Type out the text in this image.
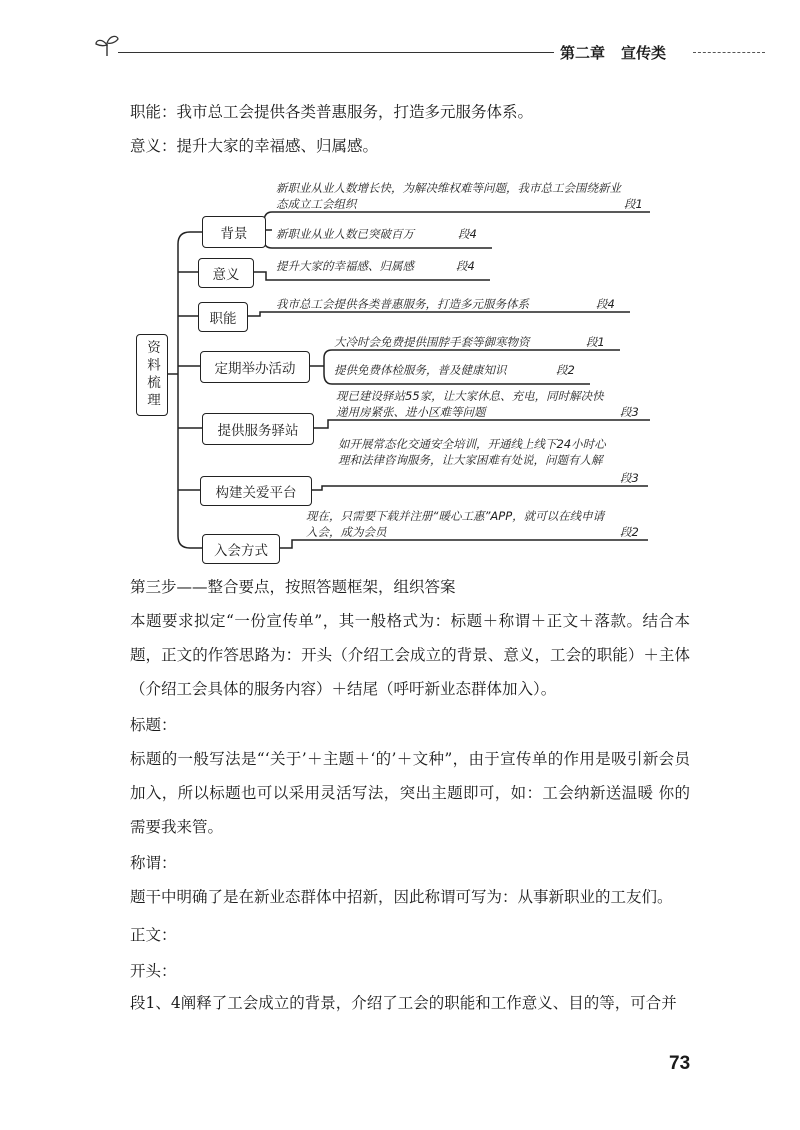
第二章 宣传类
职能：我市总工会提供各类普惠服务，打造多元服务体系。
意义：提升大家的幸福感、归属感。
资料梳理
背景
意义
职能
定期举办活动
提供服务驿站
构建关爱平台
入会方式
新职业从业人数增长快，为解决维权难等问题，我市总工会围绕新业态成立工会组织	段1
新职业从业人数已突破百万	段4
提升大家的幸福感、归属感	段4
我市总工会提供各类普惠服务，打造多元服务体系	段4
大冷时会免费提供围脖手套等御寒物资	段1
提供免费体检服务，普及健康知识	段2
现已建设驿站55家，让大家休息、充电，同时解决快递用房紧张、进小区难等问题	段3
如开展常态化交通安全培训，开通线上线下24小时心理和法律咨询服务，让大家困难有处说，问题有人解
段3
现在，只需要下载并注册“暖心工惠”APP，就可以在线申请入会，成为会员	段2
第三步——整合要点，按照答题框架，组织答案
本题要求拟定“一份宣传单”，其一般格式为：标题＋称谓＋正文＋落款。结合本题，正文的作答思路为：开头（介绍工会成立的背景、意义，工会的职能）＋主体（介绍工会具体的服务内容）＋结尾（呼吁新业态群体加入）。
标题：
标题的一般写法是“‘关于’＋主题＋‘的’＋文种”，由于宣传单的作用是吸引新会员加入，所以标题也可以采用灵活写法，突出主题即可，如：工会纳新送温暖 你的需要我来管。
称谓：
题干中明确了是在新业态群体中招新，因此称谓可写为：从事新职业的工友们。
正文：
开头：
段1、4阐释了工会成立的背景，介绍了工会的职能和工作意义、目的等，可合并
73
